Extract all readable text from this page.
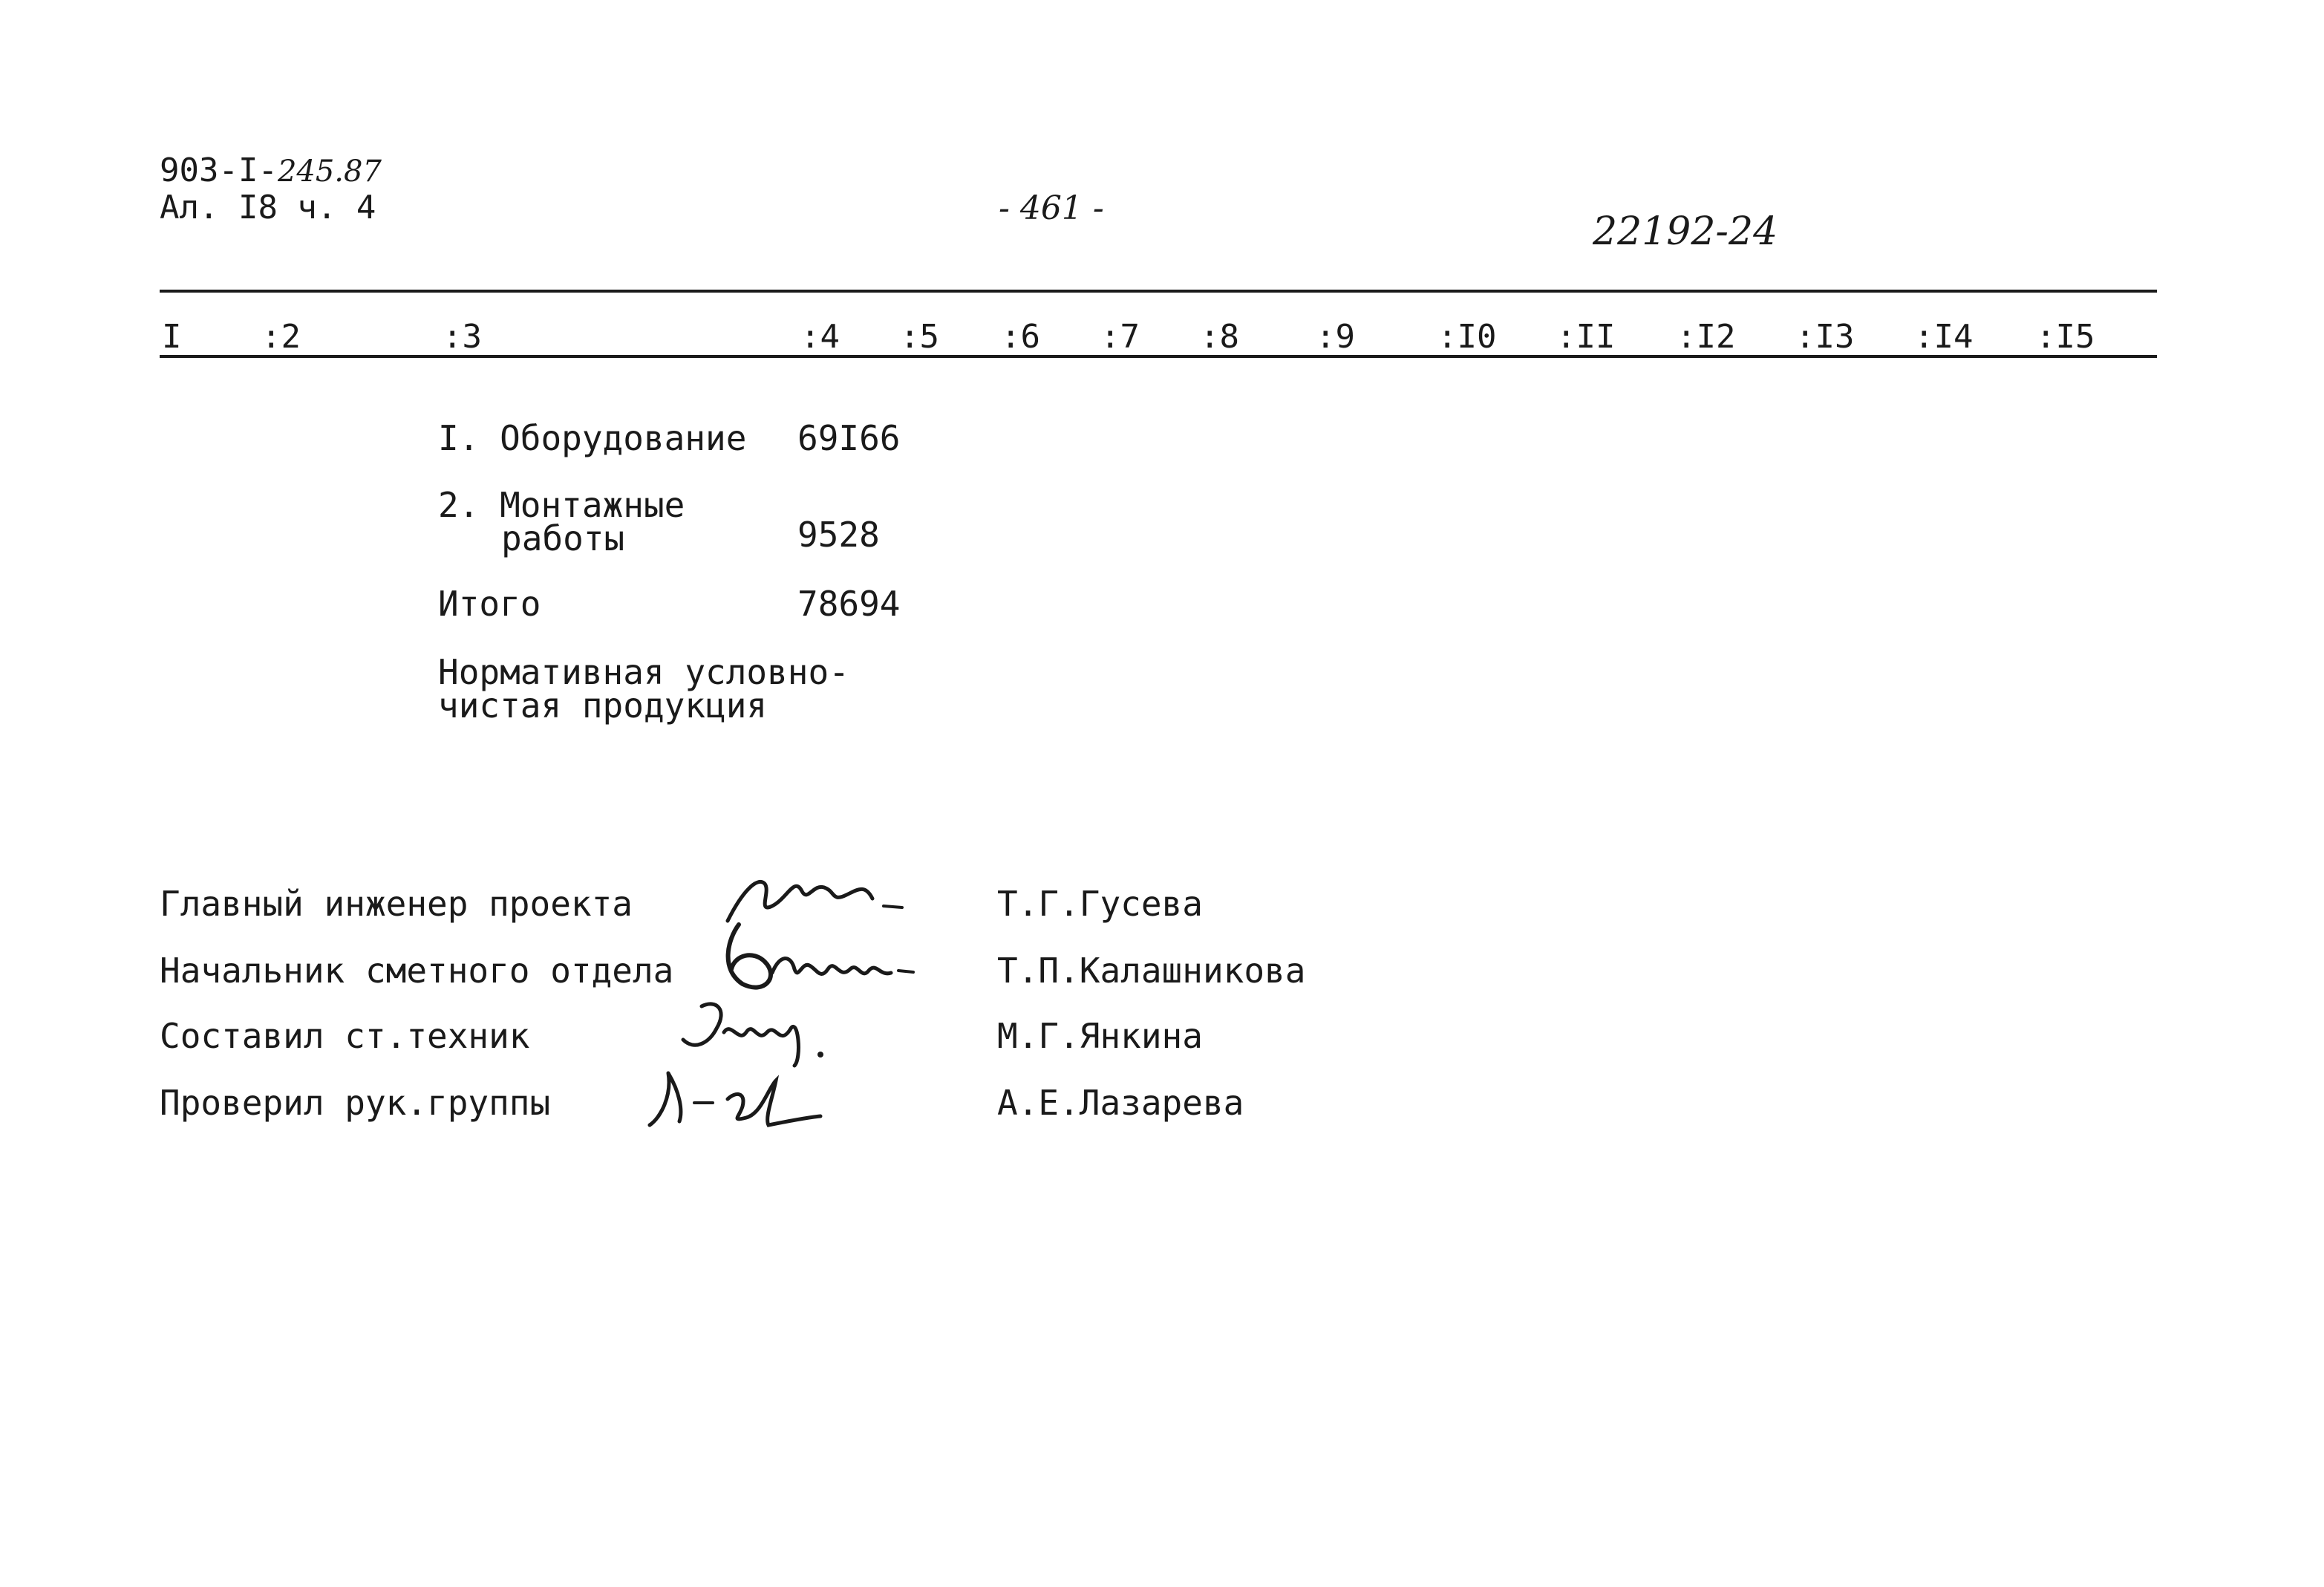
903-I-245.87
Ал. I8 ч. 4	- 461 -
22192-24
I :2	:3	:4 :5 :6 :7 :8 :9	:I0 :II :I2 :I3 :I4 :I5
I. Оборудование 69I66
2. Монтажные
работы	9528
Итого	78694
Нормативная условно-
чистая продукция
Главный инженер проекта	Т.Г.Гусева
Начальник сметного отдела	Т.П.Калашникова
Составил ст.техник	М.Г.Янкина
Проверил рук.группы	А.Е.Лазарева
